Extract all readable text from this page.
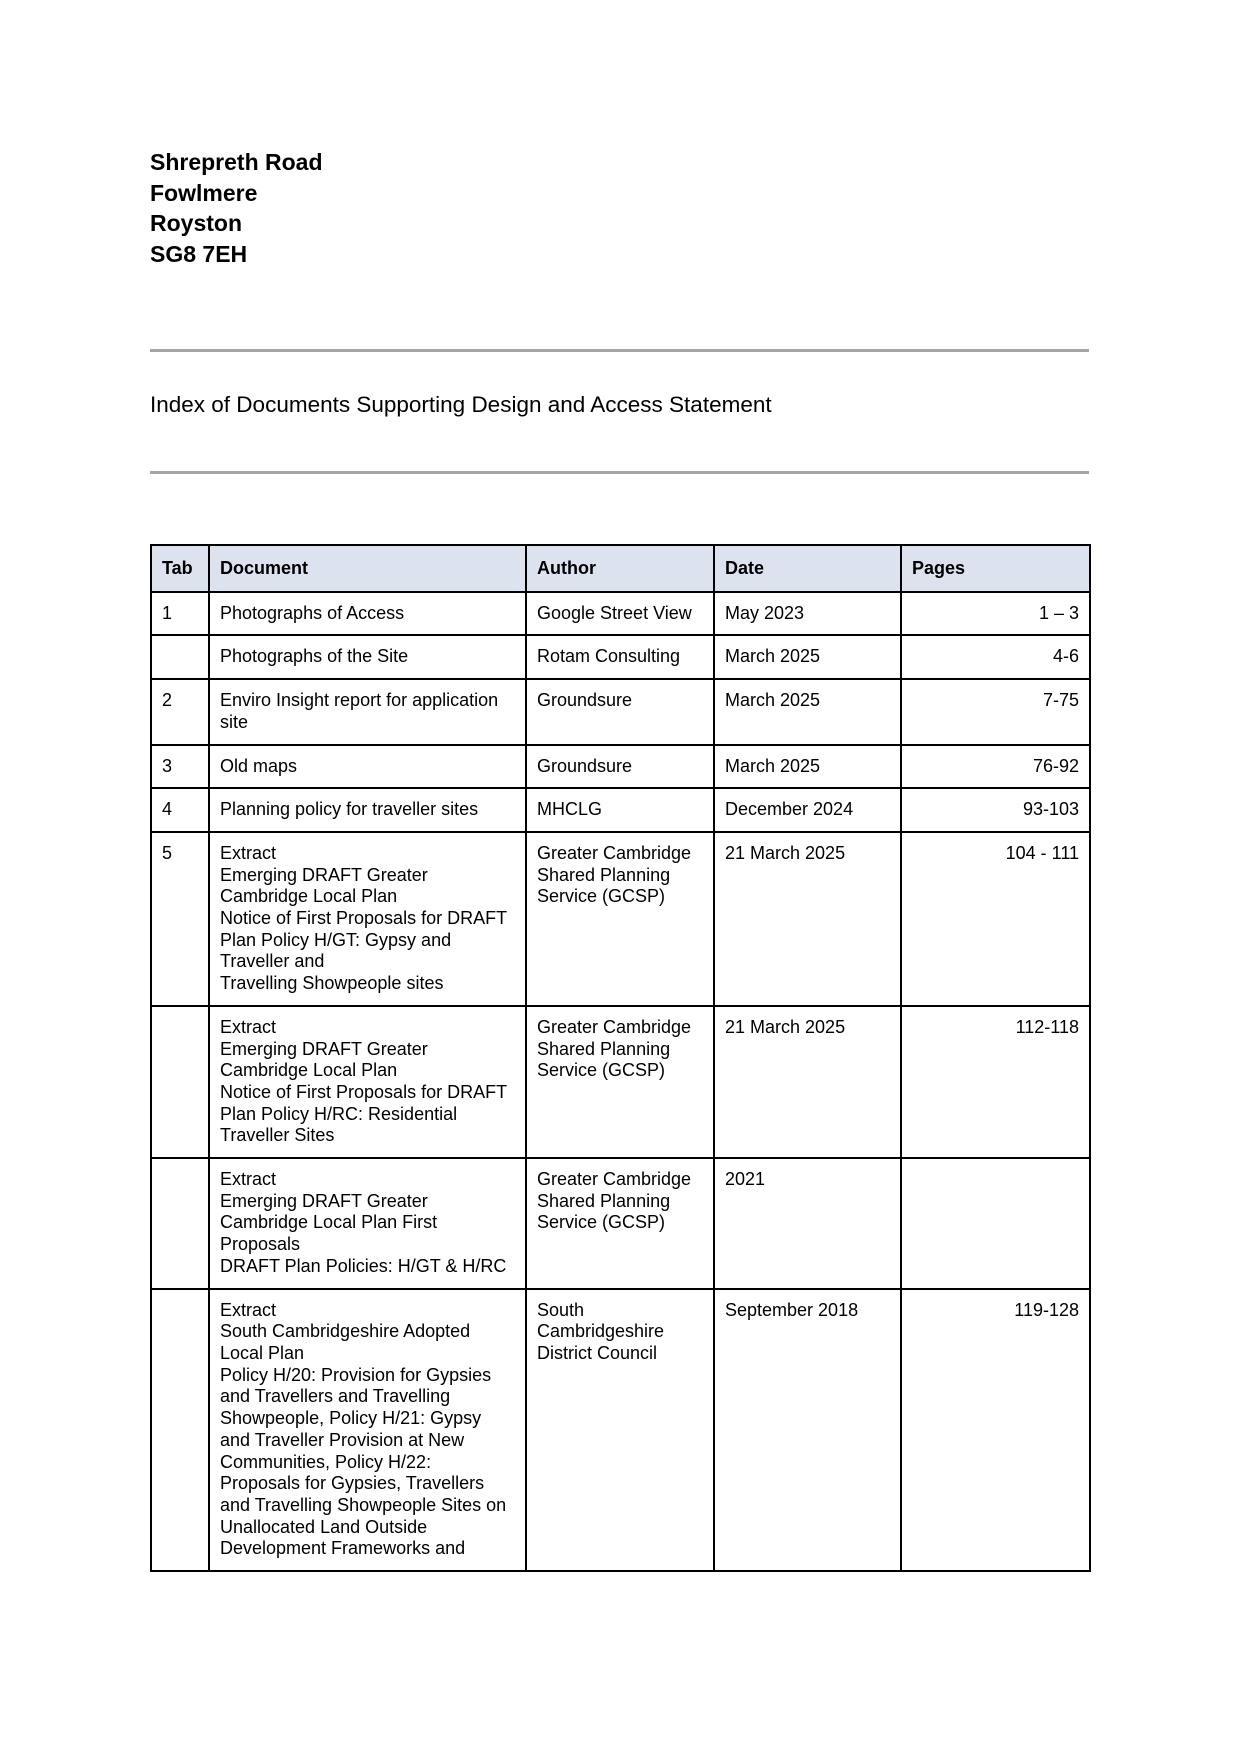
Shrepreth Road
Fowlmere
Royston
SG8 7EH
Index of Documents Supporting Design and Access Statement
Tab	Document	Author	Date	Pages
1	Photographs of Access	Google Street View	May 2023	1 – 3

	Photographs of the Site	Rotam Consulting	March 2025	4-6
2	Enviro Insight report for application site	Groundsure	March 2025	7-75
3	Old maps	Groundsure	March 2025	76-92
4	Planning policy for traveller sites	MHCLG	December 2024	93-103
5	Extract
Emerging DRAFT Greater Cambridge Local Plan
Notice of First Proposals for DRAFT Plan Policy H/GT: Gypsy and Traveller and
Travelling Showpeople sites	Greater Cambridge Shared Planning Service (GCSP)	21 March 2025	104 - 111

	Extract
Emerging DRAFT Greater Cambridge Local Plan
Notice of First Proposals for DRAFT Plan Policy H/RC: Residential Traveller Sites	Greater Cambridge Shared Planning Service (GCSP)	21 March 2025	112-118

	Extract
Emerging DRAFT Greater Cambridge Local Plan First Proposals
DRAFT Plan Policies: H/GT & H/RC	Greater Cambridge Shared Planning Service (GCSP)	2021	

	Extract
South Cambridgeshire Adopted Local Plan
Policy H/20: Provision for Gypsies and Travellers and Travelling Showpeople, Policy H/21: Gypsy and Traveller Provision at New Communities, Policy H/22: Proposals for Gypsies, Travellers and Travelling Showpeople Sites on Unallocated Land Outside Development Frameworks and	South Cambridgeshire District Council	September 2018	119-128
